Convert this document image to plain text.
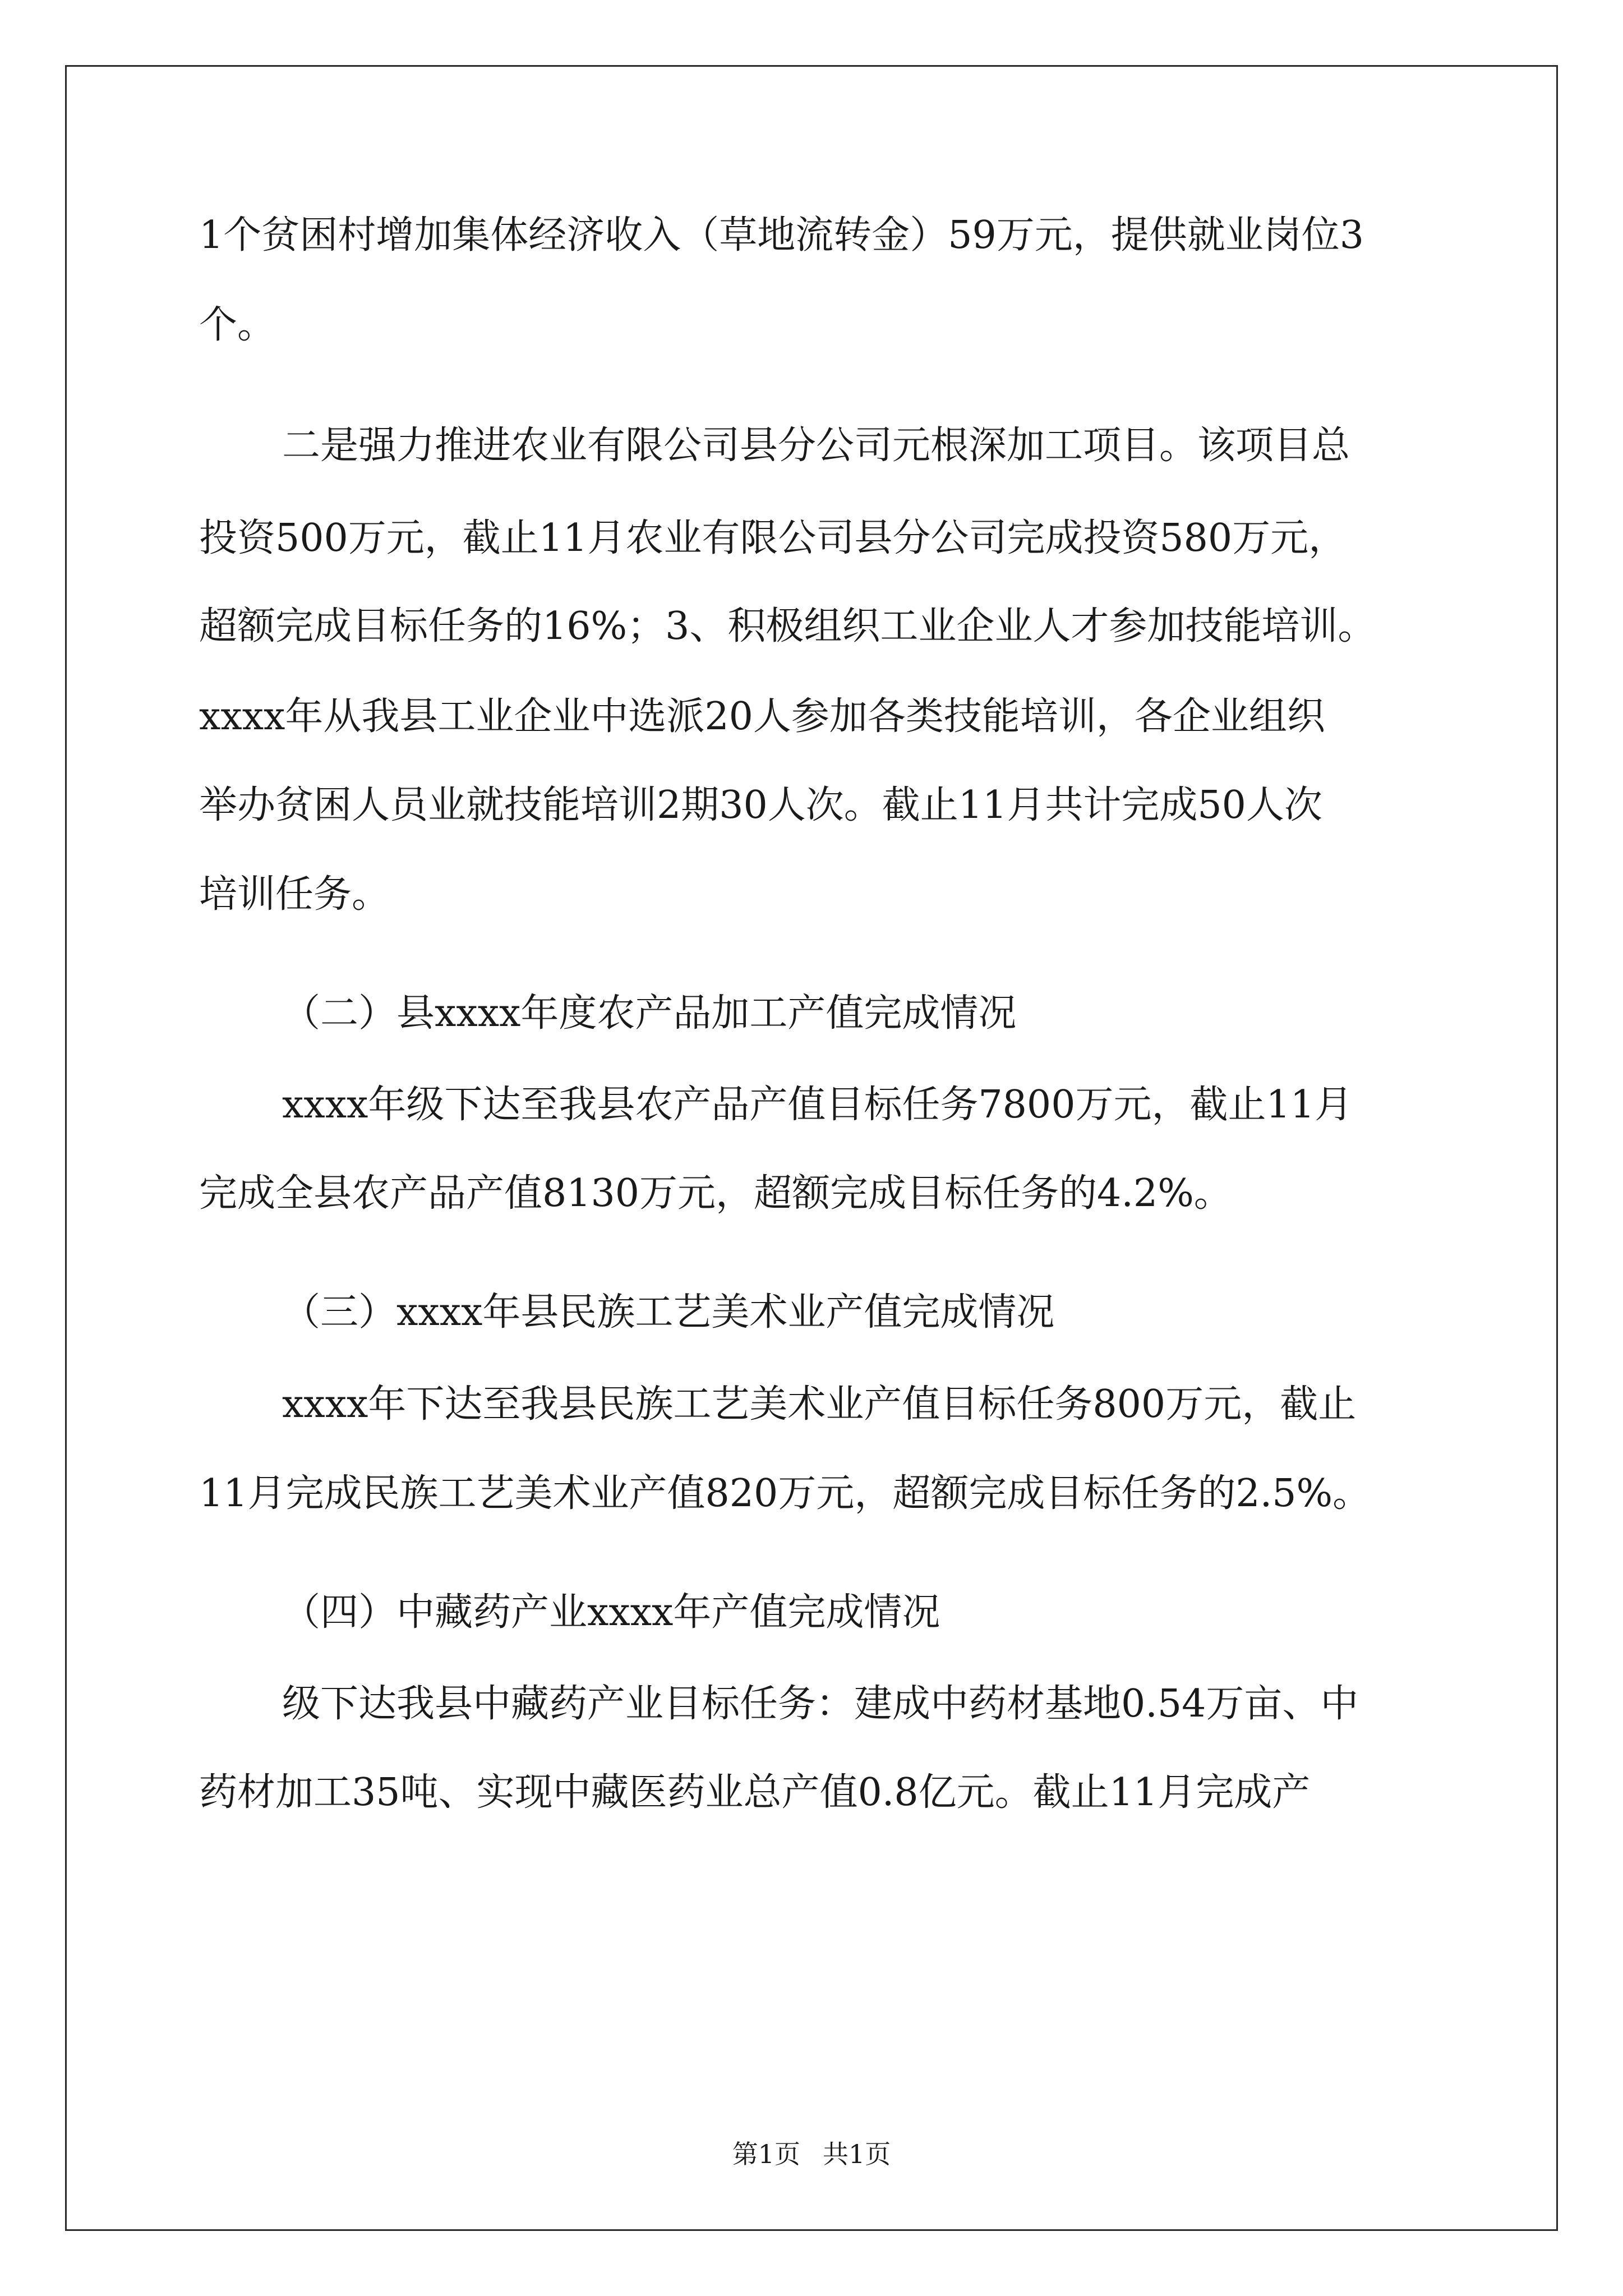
1个贫困村增加集体经济收入（草地流转金）59万元，提供就业岗位3

个。

二是强力推进农业有限公司县分公司元根深加工项目。该项目总

投资500万元，截止11月农业有限公司县分公司完成投资580万元，

超额完成目标任务的16%；3、积极组织工业企业人才参加技能培训。

xxxx年从我县工业企业中选派20人参加各类技能培训，各企业组织

举办贫困人员业就技能培训2期30人次。截止11月共计完成50人次

培训任务。

（二）县xxxx年度农产品加工产值完成情况

xxxx年级下达至我县农产品产值目标任务7800万元，截止11月

完成全县农产品产值8130万元，超额完成目标任务的4.2%。

（三）xxxx年县民族工艺美术业产值完成情况

xxxx年下达至我县民族工艺美术业产值目标任务800万元，截止

11月完成民族工艺美术业产值820万元，超额完成目标任务的2.5%。

（四）中藏药产业xxxx年产值完成情况

级下达我县中藏药产业目标任务：建成中药材基地0.54万亩、中

药材加工35吨、实现中藏医药业总产值0.8亿元。截止11月完成产

第1页 共1页
